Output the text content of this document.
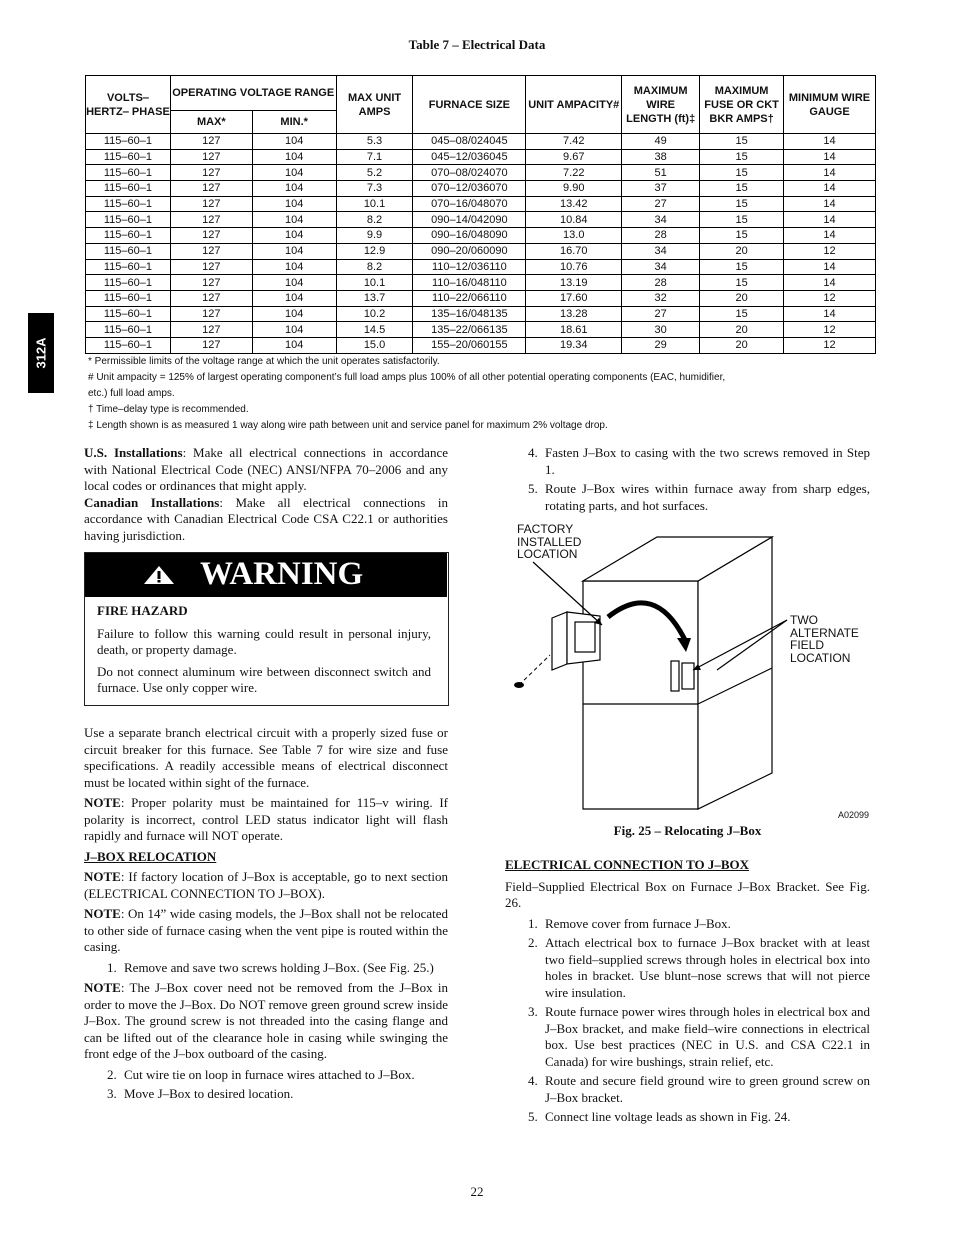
Table 7 – Electrical Data
312A
VOLTS‒ HERTZ‒ PHASE	OPERATING VOLTAGE RANGE		MAX UNIT AMPS	FURNACE SIZE	UNIT AMPACITY#	MAXIMUM WIRE LENGTH (ft)‡	MAXIMUM FUSE OR CKT BKR AMPS†	MINIMUM WIRE GAUGE
	MAX*	MIN.*						
115‒60‒1	127	104	5.3	045‒08/024045	7.42	49	15	14
115‒60‒1	127	104	7.1	045‒12/036045	9.67	38	15	14
115‒60‒1	127	104	5.2	070‒08/024070	7.22	51	15	14
115‒60‒1	127	104	7.3	070‒12/036070	9.90	37	15	14
115‒60‒1	127	104	10.1	070‒16/048070	13.42	27	15	14
115‒60‒1	127	104	8.2	090‒14/042090	10.84	34	15	14
115‒60‒1	127	104	9.9	090‒16/048090	13.0	28	15	14
115‒60‒1	127	104	12.9	090‒20/060090	16.70	34	20	12
115‒60‒1	127	104	8.2	110‒12/036110	10.76	34	15	14
115‒60‒1	127	104	10.1	110‒16/048110	13.19	28	15	14
115‒60‒1	127	104	13.7	110‒22/066110	17.60	32	20	12
115‒60‒1	127	104	10.2	135‒16/048135	13.28	27	15	14
115‒60‒1	127	104	14.5	135‒22/066135	18.61	30	20	12
115‒60‒1	127	104	15.0	155‒20/060155	19.34	29	20	12
* Permissible limits of the voltage range at which the unit operates satisfactorily.
# Unit ampacity = 125% of largest operating component’s full load amps plus 100% of all other potential operating components (EAC, humidifier,
etc.) full load amps.
† Time‒delay type is recommended.
‡ Length shown is as measured 1 way along wire path between unit and service panel for maximum 2% voltage drop.

U.S. Installations: Make all electrical connections in accordance with National Electrical Code (NEC) ANSI/NFPA 70‒2006 and any local codes or ordinances that might apply.

Canadian Installations: Make all electrical connections in accordance with Canadian Electrical Code CSA C22.1 or authorities having jurisdiction.

WARNING

FIRE HAZARD

Failure to follow this warning could result in personal injury, death, or property damage.

Do not connect aluminum wire between disconnect switch and furnace. Use only copper wire.

Use a separate branch electrical circuit with a properly sized fuse or circuit breaker for this furnace. See Table 7 for wire size and fuse specifications. A readily accessible means of electrical disconnect must be located within sight of the furnace.

NOTE: Proper polarity must be maintained for 115‒v wiring. If polarity is incorrect, control LED status indicator light will flash rapidly and furnace will NOT operate.

J‒BOX RELOCATION

NOTE: If factory location of J‒Box is acceptable, go to next section (ELECTRICAL CONNECTION TO J‒BOX).

NOTE: On 14” wide casing models, the J‒Box shall not be relocated to other side of furnace casing when the vent pipe is routed within the casing.

1. Remove and save two screws holding J‒Box. (See Fig. 25.)

NOTE: The J‒Box cover need not be removed from the J‒Box in order to move the J‒Box. Do NOT remove green ground screw inside J‒Box. The ground screw is not threaded into the casing flange and can be lifted out of the clearance hole in casing while swinging the front edge of the J‒box outboard of the casing.

2. Cut wire tie on loop in furnace wires attached to J‒Box.
3. Move J‒Box to desired location.
4. Fasten J‒Box to casing with the two screws removed in Step 1.
5. Route J‒Box wires within furnace away from sharp edges, rotating parts, and hot surfaces.
FACTORY
INSTALLED
LOCATION
TWO
ALTERNATE
FIELD
LOCATION
A02099
Fig. 25 ‒ Relocating J‒Box

ELECTRICAL CONNECTION TO J‒BOX

Field‒Supplied Electrical Box on Furnace J‒Box Bracket. See Fig. 26.

1. Remove cover from furnace J‒Box.
2. Attach electrical box to furnace J‒Box bracket with at least two field‒supplied screws through holes in electrical box into holes in bracket. Use blunt‒nose screws that will not pierce wire insulation.
3. Route furnace power wires through holes in electrical box and J‒Box bracket, and make field‒wire connections in electrical box. Use best practices (NEC in U.S. and CSA C22.1 in Canada) for wire bushings, strain relief, etc.
4. Route and secure field ground wire to green ground screw on J‒Box bracket.
5. Connect line voltage leads as shown in Fig. 24.
22
